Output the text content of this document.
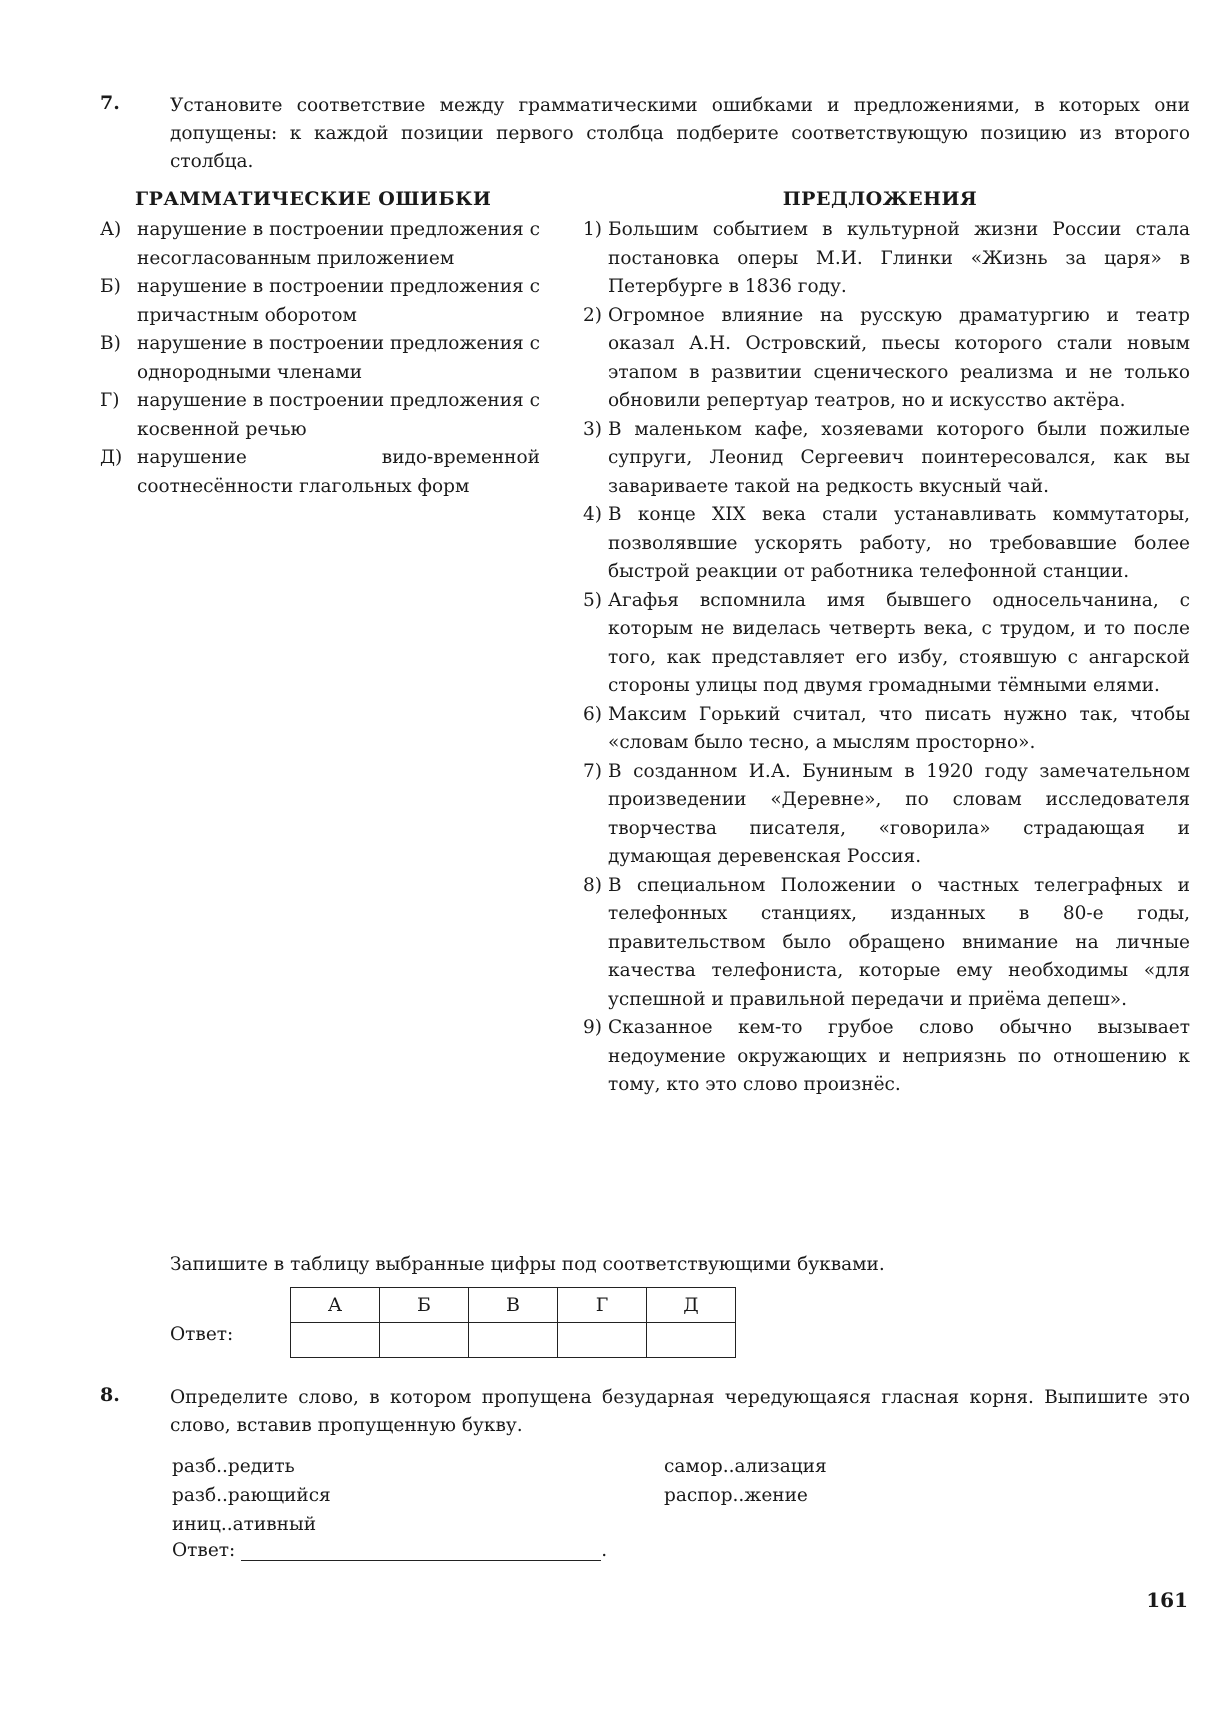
7.	Установите соответствие между грамматическими ошибками и предложениями, в которых они допущены: к каждой позиции первого столбца подберите соответствующую позицию из второго столбца.
ГРАММАТИЧЕСКИЕ ОШИБКИ
А) нарушение в построении предложения с несогласованным приложением
Б) нарушение в построении предложения с причастным оборотом
В) нарушение в построении предложения с однородными членами
Г) нарушение в построении предложения с косвенной речью
Д) нарушение видо-временной соотнесённости глагольных форм
ПРЕДЛОЖЕНИЯ
1) Большим событием в культурной жизни России стала постановка оперы М.И. Глинки «Жизнь за царя» в Петербурге в 1836 году.
2) Огромное влияние на русскую драматургию и театр оказал А.Н. Островский, пьесы которого стали новым этапом в развитии сценического реализма и не только обновили репертуар театров, но и искусство актёра.
3) В маленьком кафе, хозяевами которого были пожилые супруги, Леонид Сергеевич поинтересовался, как вы завариваете такой на редкость вкусный чай.
4) В конце XIX века стали устанавливать коммутаторы, позволявшие ускорять работу, но требовавшие более быстрой реакции от работника телефонной станции.
5) Агафья вспомнила имя бывшего односельчанина, с которым не виделась четверть века, с трудом, и то после того, как представляет его избу, стоявшую с ангарской стороны улицы под двумя громадными тёмными елями.
6) Максим Горький считал, что писать нужно так, чтобы «словам было тесно, а мыслям просторно».
7) В созданном И.А. Буниным в 1920 году замечательном произведении «Деревне», по словам исследователя творчества писателя, «говорила» страдающая и думающая деревенская Россия.
8) В специальном Положении о частных телеграфных и телефонных станциях, изданных в 80-е годы, правительством было обращено внимание на личные качества телефониста, которые ему необходимы «для успешной и правильной передачи и приёма депеш».
9) Сказанное кем-то грубое слово обычно вызывает недоумение окружающих и неприязнь по отношению к тому, кто это слово произнёс.
Запишите в таблицу выбранные цифры под соответствующими буквами.
Ответ:
А	Б	В	Г	Д

8.	Определите слово, в котором пропущена безударная чередующаяся гласная корня. Выпишите это слово, вставив пропущенную букву.
разб..редить
разб..рающийся
иниц..ативный
самор..ализация
распор..жение
Ответ:	.
161
